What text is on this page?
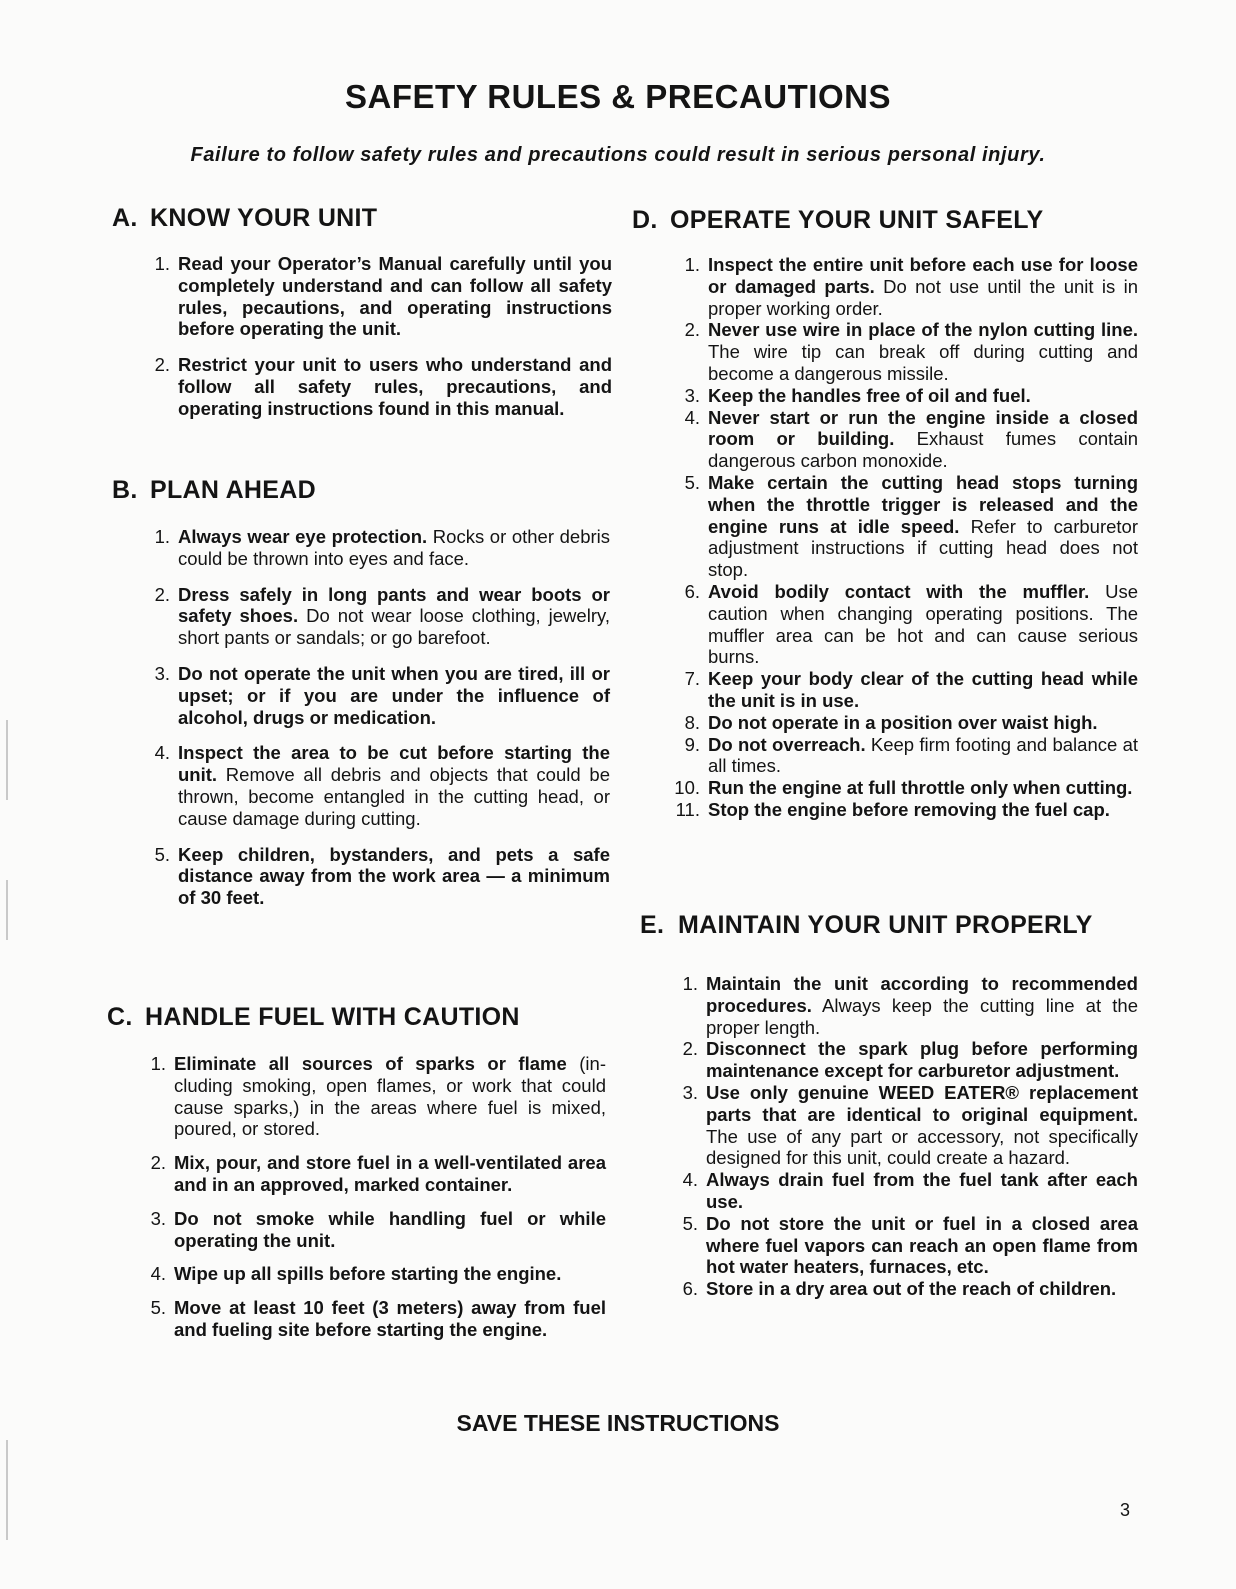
SAFETY RULES & PRECAUTIONS

Failure to follow safety rules and precautions could result in serious personal injury.

A. KNOW YOUR UNIT
1. Read your Operator’s Manual carefully until you completely understand and can follow all safety rules, pecautions, and operating instructions before operating the unit.
2. Restrict your unit to users who understand and follow all safety rules, precautions, and operating instructions found in this manual.
B. PLAN AHEAD
1. Always wear eye protection. Rocks or other debris could be thrown into eyes and face.
2. Dress safely in long pants and wear boots or safety shoes. Do not wear loose clothing, jewelry, short pants or sandals; or go barefoot.
3. Do not operate the unit when you are tired, ill or upset; or if you are under the influence of alcohol, drugs or medication.
4. Inspect the area to be cut before starting the unit. Remove all debris and objects that could be thrown, become entangled in the cutting head, or cause damage during cutting.
5. Keep children, bystanders, and pets a safe distance away from the work area — a minimum of 30 feet.
C. HANDLE FUEL WITH CAUTION
1. Eliminate all sources of sparks or flame (including smoking, open flames, or work that could cause sparks,) in the areas where fuel is mixed, poured, or stored.
2. Mix, pour, and store fuel in a well-ventilated area and in an approved, marked container.
3. Do not smoke while handling fuel or while operating the unit.
4. Wipe up all spills before starting the engine.
5. Move at least 10 feet (3 meters) away from fuel and fueling site before starting the engine.
D. OPERATE YOUR UNIT SAFELY
1. Inspect the entire unit before each use for loose or damaged parts. Do not use until the unit is in proper working order.
2. Never use wire in place of the nylon cutting line. The wire tip can break off during cutting and become a dangerous missile.
3. Keep the handles free of oil and fuel.
4. Never start or run the engine inside a closed room or building. Exhaust fumes contain dangerous carbon monoxide.
5. Make certain the cutting head stops turning when the throttle trigger is released and the engine runs at idle speed. Refer to carburetor adjustment instructions if cutting head does not stop.
6. Avoid bodily contact with the muffler. Use caution when changing operating positions. The muffler area can be hot and can cause serious burns.
7. Keep your body clear of the cutting head while the unit is in use.
8. Do not operate in a position over waist high.
9. Do not overreach. Keep firm footing and balance at all times.
10. Run the engine at full throttle only when cutting.
11. Stop the engine before removing the fuel cap.
E. MAINTAIN YOUR UNIT PROPERLY
1. Maintain the unit according to recommended procedures. Always keep the cutting line at the proper length.
2. Disconnect the spark plug before performing maintenance except for carburetor adjustment.
3. Use only genuine WEED EATER® replacement parts that are identical to original equipment. The use of any part or accessory, not specifically designed for this unit, could create a hazard.
4. Always drain fuel from the fuel tank after each use.
5. Do not store the unit or fuel in a closed area where fuel vapors can reach an open flame from hot water heaters, furnaces, etc.
6. Store in a dry area out of the reach of children.

SAVE THESE INSTRUCTIONS

3
